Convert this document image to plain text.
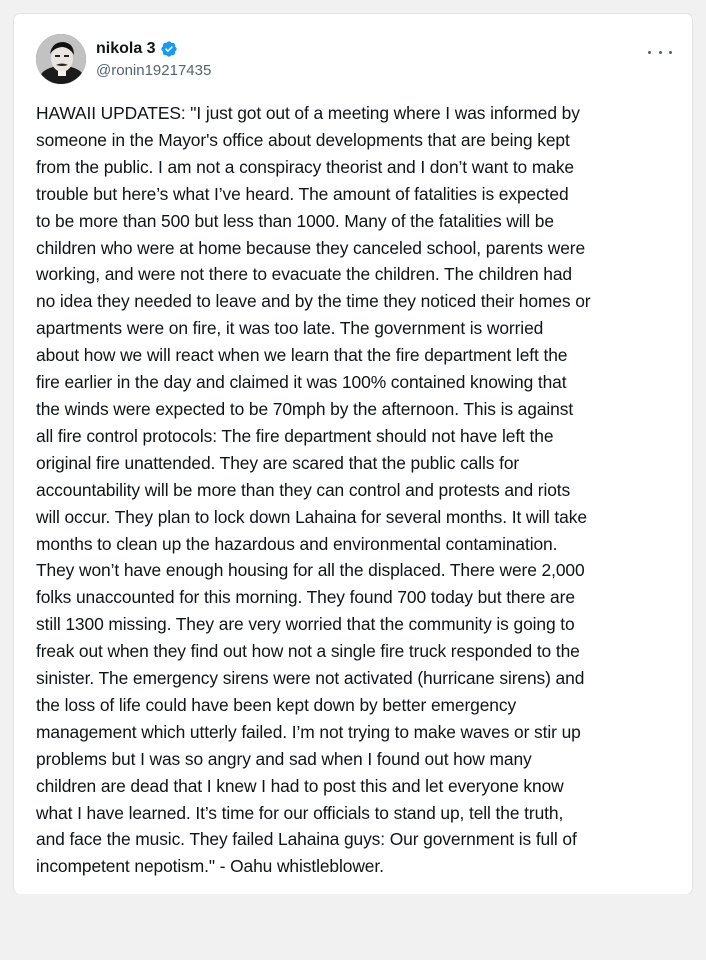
nikola 3
@ronin19217435
HAWAII UPDATES: "I just got out of a meeting where I was informed by
someone in the Mayor's office about developments that are being kept
from the public. I am not a conspiracy theorist and I don’t want to make
trouble but here’s what I’ve heard. The amount of fatalities is expected
to be more than 500 but less than 1000. Many of the fatalities will be
children who were at home because they canceled school, parents were
working, and were not there to evacuate the children. The children had
no idea they needed to leave and by the time they noticed their homes or
apartments were on fire, it was too late. The government is worried
about how we will react when we learn that the fire department left the
fire earlier in the day and claimed it was 100% contained knowing that
the winds were expected to be 70mph by the afternoon. This is against
all fire control protocols: The fire department should not have left the
original fire unattended. They are scared that the public calls for
accountability will be more than they can control and protests and riots
will occur. They plan to lock down Lahaina for several months. It will take
months to clean up the hazardous and environmental contamination.
They won’t have enough housing for all the displaced. There were 2,000
folks unaccounted for this morning. They found 700 today but there are
still 1300 missing. They are very worried that the community is going to
freak out when they find out how not a single fire truck responded to the
sinister. The emergency sirens were not activated (hurricane sirens) and
the loss of life could have been kept down by better emergency
management which utterly failed. I’m not trying to make waves or stir up
problems but I was so angry and sad when I found out how many
children are dead that I knew I had to post this and let everyone know
what I have learned. It’s time for our officials to stand up, tell the truth,
and face the music. They failed Lahaina guys: Our government is full of
incompetent nepotism." - Oahu whistleblower.
